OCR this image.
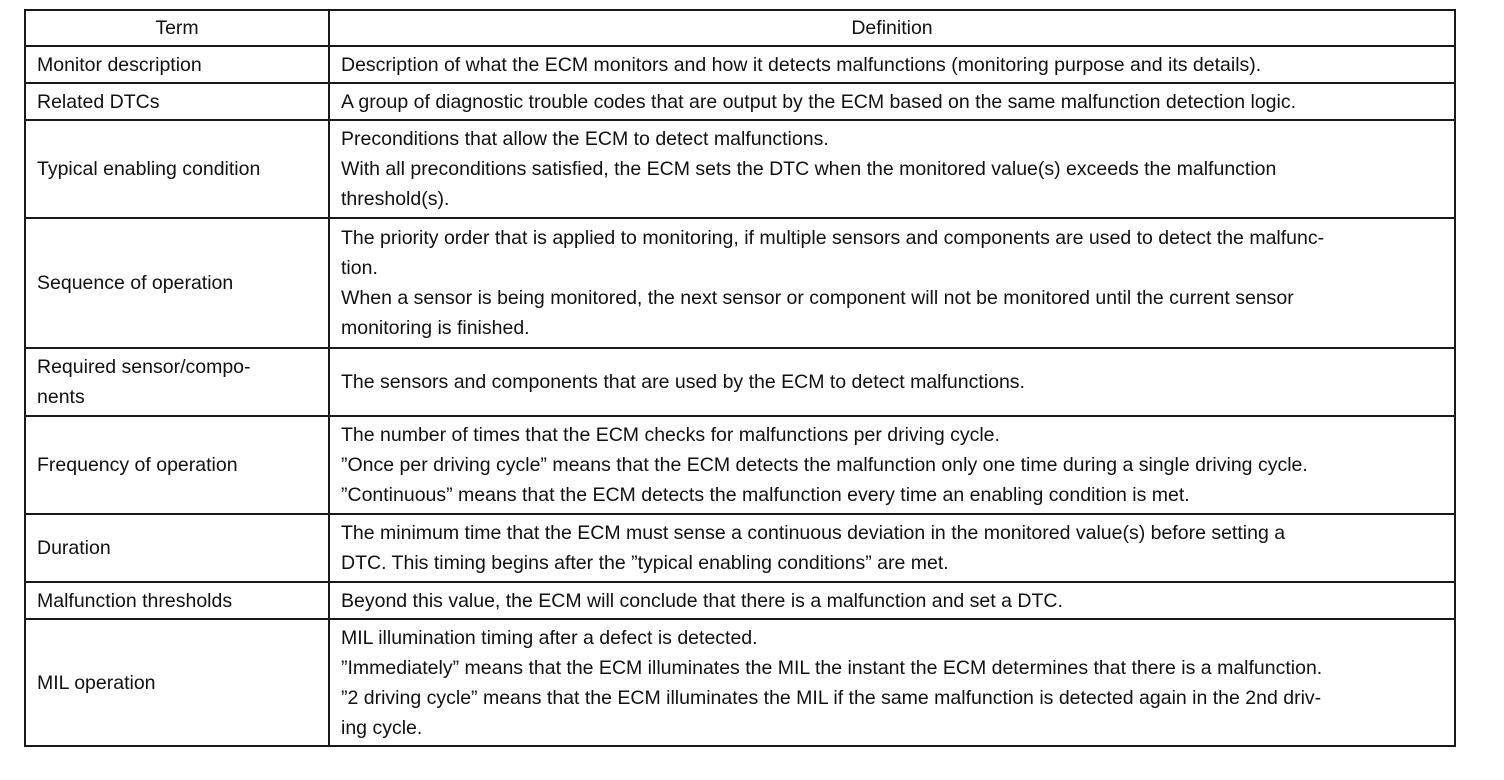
Term	Definition

Monitor description	Description of what the ECM monitors and how it detects malfunctions (monitoring purpose and its details).

Related DTCs	A group of diagnostic trouble codes that are output by the ECM based on the same malfunction detection logic.

Typical enabling condition	Preconditions that allow the ECM to detect malfunctions.
With all preconditions satisfied, the ECM sets the DTC when the monitored value(s) exceeds the malfunction
threshold(s).

Sequence of operation	The priority order that is applied to monitoring, if multiple sensors and components are used to detect the malfunc-
tion.
When a sensor is being monitored, the next sensor or component will not be monitored until the current sensor
monitoring is finished.

Required sensor/compo-
nents	The sensors and components that are used by the ECM to detect malfunctions.

Frequency of operation	The number of times that the ECM checks for malfunctions per driving cycle.
”Once per driving cycle” means that the ECM detects the malfunction only one time during a single driving cycle.
”Continuous” means that the ECM detects the malfunction every time an enabling condition is met.

Duration	The minimum time that the ECM must sense a continuous deviation in the monitored value(s) before setting a
DTC. This timing begins after the ”typical enabling conditions” are met.

Malfunction thresholds	Beyond this value, the ECM will conclude that there is a malfunction and set a DTC.

MIL operation	MIL illumination timing after a defect is detected.
”Immediately” means that the ECM illuminates the MIL the instant the ECM determines that there is a malfunction.
”2 driving cycle” means that the ECM illuminates the MIL if the same malfunction is detected again in the 2nd driv-
ing cycle.
